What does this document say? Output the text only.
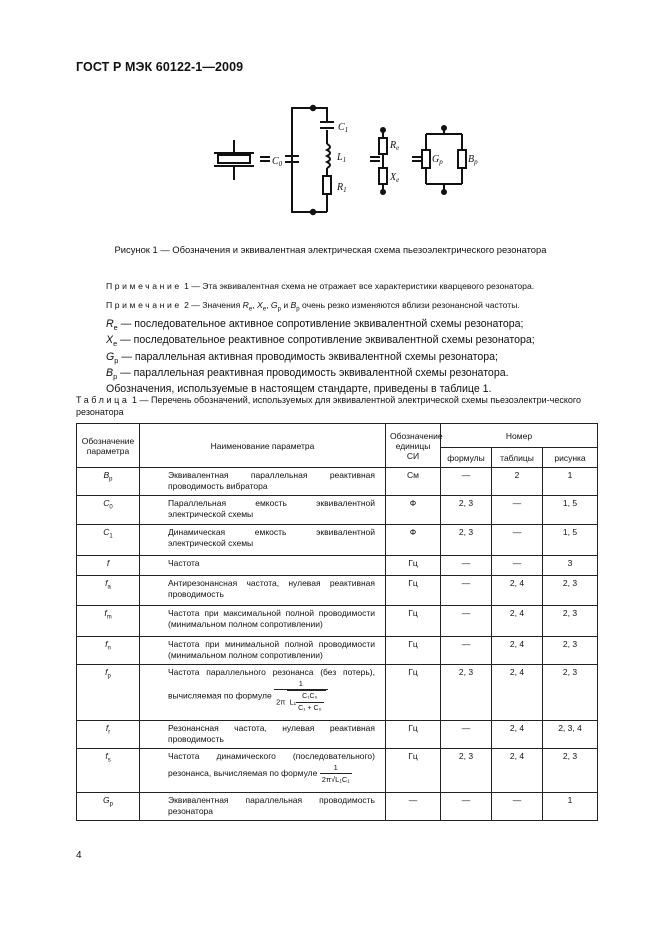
ГОСТ Р МЭК 60122-1—2009
$C_0$
$C_1$
$L_1$
$R_1$
$R_e$
$X_e$
$G_p$	$B_p$
Рисунок 1 — Обозначения и эквивалентная электрическая схема пьезоэлектрического резонатора
Примечание 1 — Эта эквивалентная схема не отражает все характеристики кварцевого резонатора.
Примечание 2 — Значения $R_e$, $X_e$, $G_p$ и $B_p$ очень резко изменяются вблизи резонансной частоты.
$R_e$ — последовательное активное сопротивление эквивалентной схемы резонатора;
$X_e$ — последовательное реактивное сопротивление эквивалентной схемы резонатора;
$G_p$ — параллельная активная проводимость эквивалентной схемы резонатора;
$B_p$ — параллельная реактивная проводимость эквивалентной схемы резонатора.
Обозначения, используемые в настоящем стандарте, приведены в таблице 1.
Таблица 1 — Перечень обозначений, используемых для эквивалентной электрической схемы пьезоэлектри-ческого резонатора
Обозначение параметра	Наименование параметра	Обозначение единицы СИ	Номер		
			формулы	таблицы	рисунка
$B_p$	Эквивалентная параллельная реактивная проводимость вибратора	См	—	2	1
$C_0$	Параллельная емкость эквивалентной электрической схемы	Ф	2, 3	—	1, 5
$C_1$	Динамическая емкость эквивалентной электрической схемы	Ф	2, 3	—	1, 5
f	Частота	Гц	—	—	3
$f_a$	Антирезонансная частота, нулевая реактивная проводимость	Гц	—	2, 4	2, 3
$f_m$	Частота при максимальной полной проводимости (минимальном полном сопротивлении)	Гц	—	2, 4	2, 3
$f_n$	Частота при минимальной полной проводимости (минимальном полном сопротивлении)	Гц	—	2, 4	2, 3
$f_p$	Частота параллельного резонанса (без потерь), вычисляемая по формуле $\frac{1}{2\pi L_1 \frac{\text{C₁C₀}}{\text{C₁ + C₀}}}$	Гц	2, 3	2, 4	2, 3
$f_r$	Резонансная частота, нулевая реактивная проводимость	Гц	—	2, 4	2, 3, 4
$f_s$	Частота динамического (последовательного) резонанса, вычисляемая по формуле $\frac{1}{\text{2π√L₁C₁}}$	Гц	2, 3	2, 4	2, 3
$G_p$	Эквивалентная параллельная проводимость резонатора	—	—	—	1
4
